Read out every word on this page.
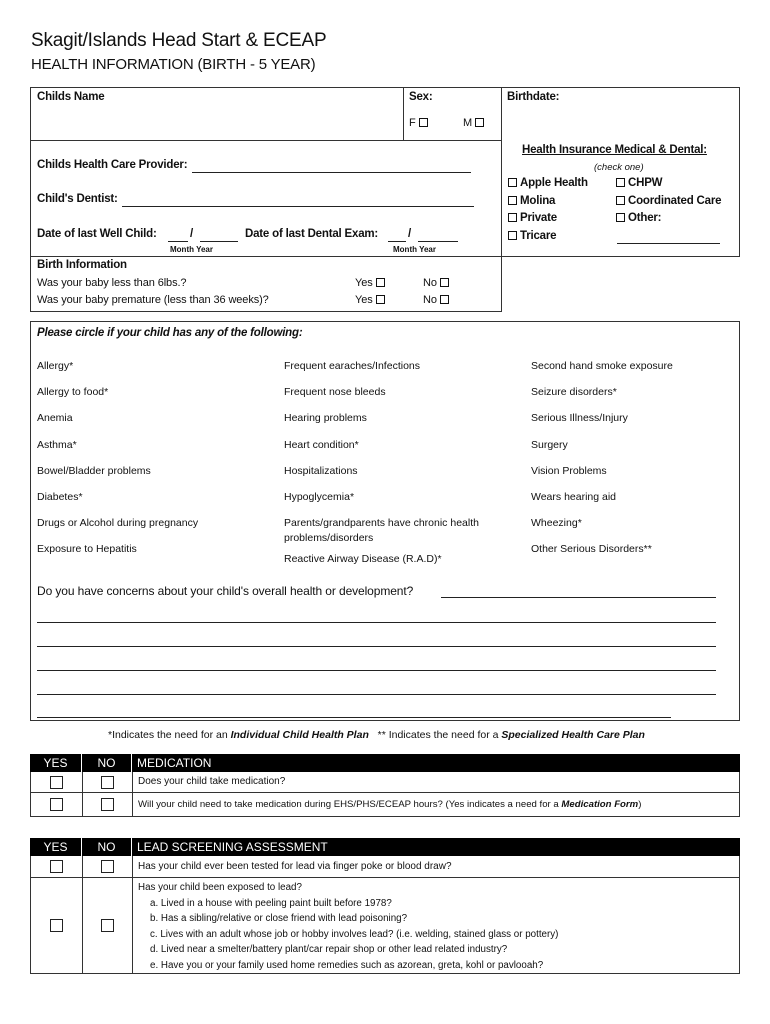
Skagit/Islands Head Start & ECEAP
HEALTH INFORMATION (BIRTH - 5 YEAR)
Childs Name	Sex:
F	M
Birthdate:
Childs Health Care Provider:
Child's Dentist:
Date of last Well Child:	/
Month Year
Date of last Dental Exam:	/
Month Year
Health Insurance Medical & Dental:
(check one)
Apple Health
Molina
Private
Tricare
CHPW
Coordinated Care
Other:
Birth Information
Was your baby less than 6lbs.?
Was your baby premature (less than 36 weeks)?
Yes	No
Yes	No
Please circle if your child has any of the following:
Allergy*
Allergy to food*
Anemia
Asthma*
Bowel/Bladder problems
Diabetes*
Drugs or Alcohol during pregnancy
Exposure to Hepatitis
Frequent earaches/Infections
Frequent nose bleeds
Hearing problems
Heart condition*
Hospitalizations
Hypoglycemia*
Parents/grandparents have chronic health problems/disorders
Reactive Airway Disease (R.A.D)*
Second hand smoke exposure
Seizure disorders*
Serious Illness/Injury
Surgery
Vision Problems
Wears hearing aid
Wheezing*
Other Serious Disorders**
Do you have concerns about your child's overall health or development?
*Indicates the need for an Individual Child Health Plan ** Indicates the need for a Specialized Health Care Plan
YES	NO	MEDICATION
Does your child take medication?
Will your child need to take medication during EHS/PHS/ECEAP hours? (Yes indicates a need for a Medication Form)
YES	NO	LEAD SCREENING ASSESSMENT
Has your child ever been tested for lead via finger poke or blood draw?
Has your child been exposed to lead?
a. Lived in a house with peeling paint built before 1978?
b. Has a sibling/relative or close friend with lead poisoning?
c. Lives with an adult whose job or hobby involves lead? (i.e. welding, stained glass or pottery)
d. Lived near a smelter/battery plant/car repair shop or other lead related industry?
e. Have you or your family used home remedies such as azorean, greta, kohl or pavlooah?
